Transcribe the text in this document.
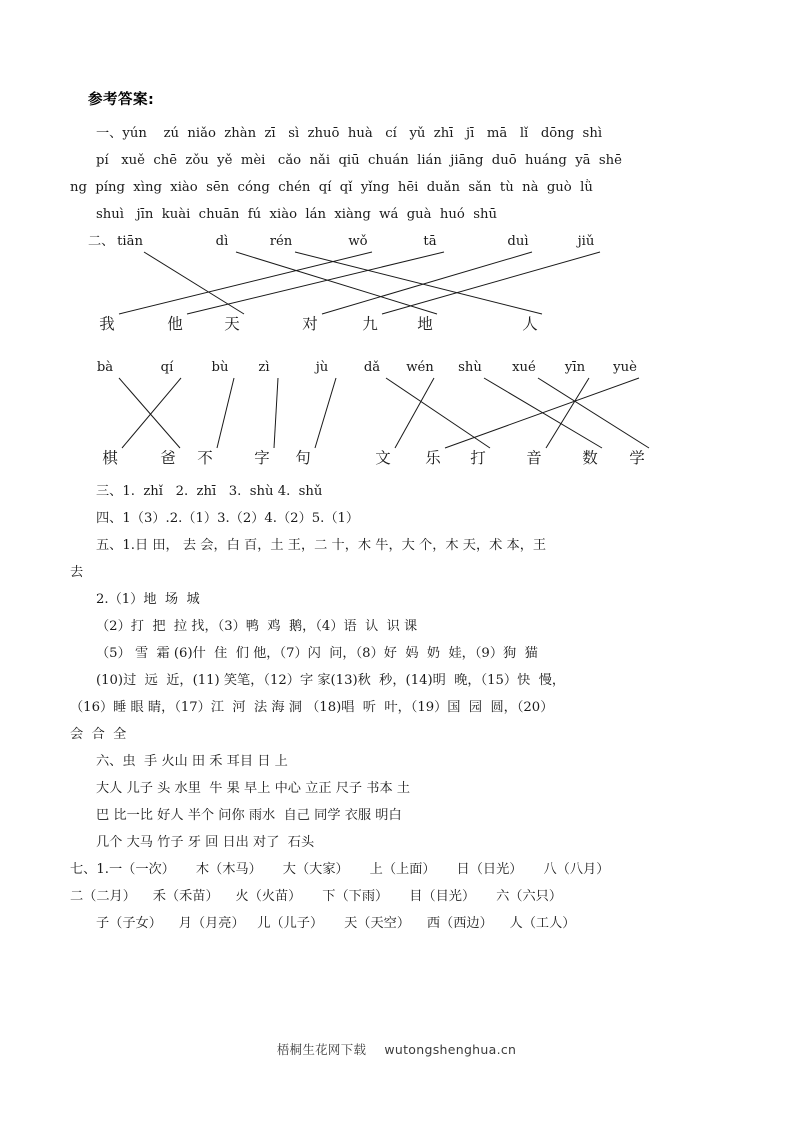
参考答案:
一、yún    zú  niǎo  zhàn  zī   sì  zhuō  huà   cí   yǔ  zhī   jī   mā   lǐ   dōng  shì
pí   xuě  chē  zǒu  yě  mèi   cǎo  nǎi  qiū  chuán  lián  jiāng  duō  huáng  yā  shē
ng  píng  xìng  xiào  sēn  cóng  chén  qí  qǐ  yǐng  hēi  duǎn  sǎn  tù  nà  guò  lǜ
shuì   jīn  kuài  chuān  fú  xiào  lán  xiàng  wá  guà  huó  shū
二、 tiān	dì	rén	wǒ	tā	duì	jiǔ
我	他	天	对	九	地	人
bà	qí	bù zì	jù	dǎ wén shù xué yīn yuè
棋	爸 不	字 句	文 乐 打	音	数 学
三、1.  zhǐ   2.  zhī   3.  shù 4.  shǔ
四、1（3）.2.（1）3.（2）4.（2）5.（1）
五、1.日 田， 去 会，白 百，土 王，二 十，木 牛，大 个，木 天，术 本，王
去
2.（1）地  场  城
（2）打  把  拉 找，（3）鸭  鸡  鹅，（4）语  认  识 课
（5） 雪  霜 (6)什  住  们 他，（7）闪  问，（8）好  妈  奶  娃，（9）狗  猫
(10)过  远  近，(11) 笑笔，（12）字 家(13)秋  秒，(14)明  晚，（15）快  慢，
（16）睡 眼 睛，（17）江  河  法 海 洞 （18)唱  听  叶，（19）国  园  圆，（20）
会  合  全
六、虫  手 火山 田 禾 耳目 日 上
大人 儿子 头 水里  牛 果 早上 中心 立正 尺子 书本 土
巴 比一比 好人 半个 问你 雨水  自己 同学 衣服 明白
几个 大马 竹子 牙 回 日出 对了  石头
七、1.一（一次）     木（木马）     大（大家）     上（上面）     日（日光）     八（八月）
二（二月）    禾（禾苗）    火（火苗）     下（下雨）     目（目光）     六（六只）
子（子女）    月（月亮）   儿（儿子）     天（天空）    西（西边）    人（工人）
梧桐生花网下载 wutongshenghua.cn
